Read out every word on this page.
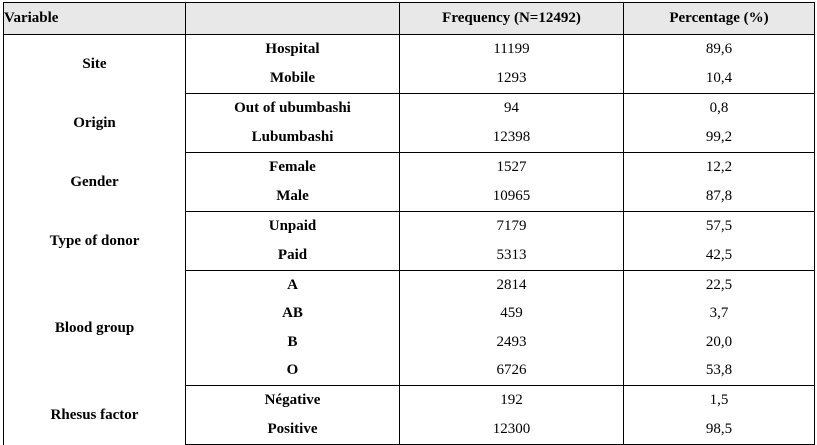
Variable		Frequency (N=12492)	Percentage (%)
Site	Hospital	11199	89,6
	Mobile	1293	10,4
Origin	Out of ubumbashi	94	0,8
	Lubumbashi	12398	99,2
Gender	Female	1527	12,2
	Male	10965	87,8
Type of donor	Unpaid	7179	57,5
	Paid	5313	42,5
Blood group	A	2814	22,5
	AB	459	3,7
	B	2493	20,0
	O	6726	53,8
Rhesus factor	Négative	192	1,5
	Positive	12300	98,5
